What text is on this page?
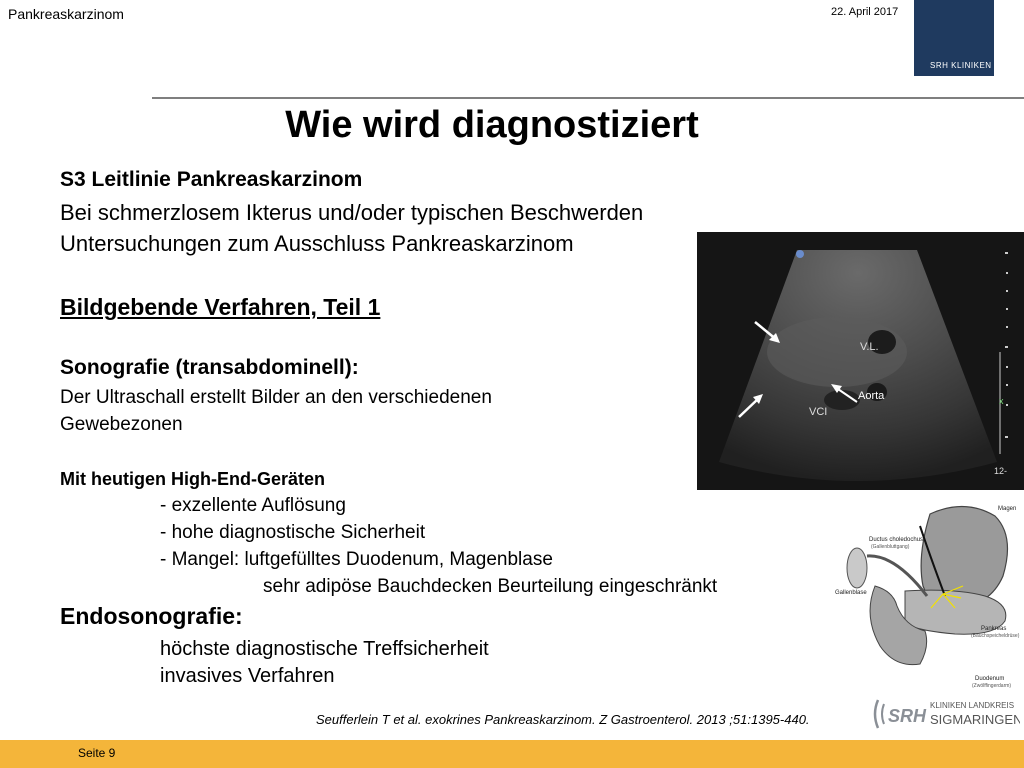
Pankreaskarzinom	22. April 2017
SRH KLINIKEN
Wie wird diagnostiziert
S3 Leitlinie Pankreaskarzinom
Bei schmerzlosem Ikterus und/oder typischen Beschwerden
Untersuchungen zum Ausschluss Pankreaskarzinom
Bildgebende Verfahren, Teil 1
Sonografie (transabdominell):
Der Ultraschall erstellt Bilder an den verschiedenen
Gewebezonen
Mit heutigen High-End-Geräten
- exzellente Auflösung
- hohe diagnostische Sicherheit
- Mangel: luftgefülltes Duodenum, Magenblase
sehr adipöse Bauchdecken Beurteilung eingeschränkt
Endosonografie:
höchste diagnostische Treffsicherheit
invasives Verfahren
Seufferlein T et al. exokrines Pankreaskarzinom. Z Gastroenterol. 2013 ;51:1395-440.
V.L.
Aorta
VCI
x
12-
Ductus choledochus
(Gallenbluttgang)
Magen
Gallenblase
Pankreas
(Bauchspeicheldrüse)
Duodenum
(Zwölffingerdarm)
SRH
KLINIKEN LANDKREIS
SIGMARINGEN
Seite 9
